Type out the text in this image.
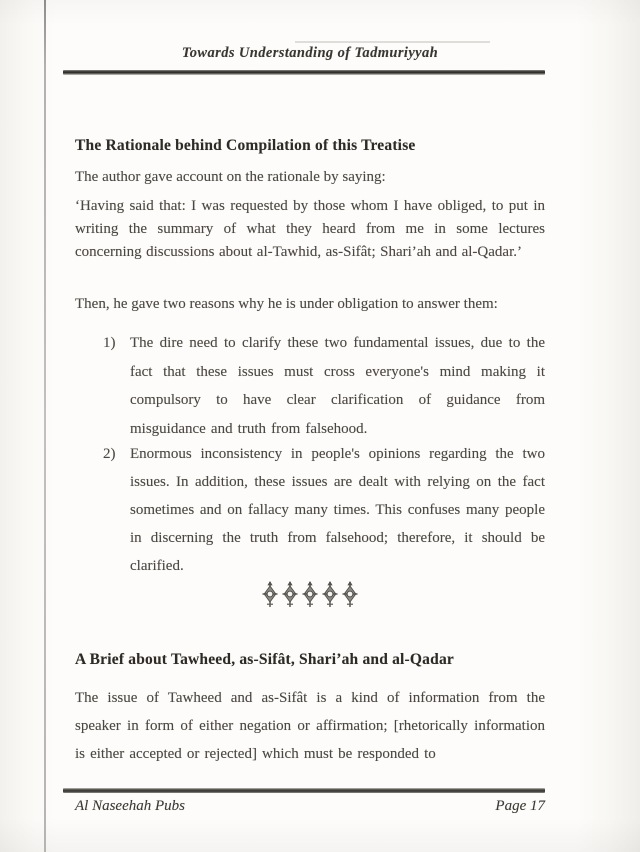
Towards Understanding of Tadmuriyyah
The Rationale behind Compilation of this Treatise
The author gave account on the rationale by saying:
‘Having said that: I was requested by those whom I have obliged, to put in writing the summary of what they heard from me in some lectures concerning discussions about al-Tawhid, as-Sifât; Shari’ah and al-Qadar.’
Then, he gave two reasons why he is under obligation to answer them:
1) The dire need to clarify these two fundamental issues, due to the fact that these issues must cross everyone's mind making it compulsory to have clear clarification of guidance from misguidance and truth from falsehood.
2) Enormous inconsistency in people's opinions regarding the two issues. In addition, these issues are dealt with relying on the fact sometimes and on fallacy many times. This confuses many people in discerning the truth from falsehood; therefore, it should be clarified.
A Brief about Tawheed, as-Sifât, Shari’ah and al-Qadar
The issue of Tawheed and as-Sifât is a kind of information from the speaker in form of either negation or affirmation; [rhetorically information is either accepted or rejected] which must be responded to
Al Naseehah Pubs	Page 17
